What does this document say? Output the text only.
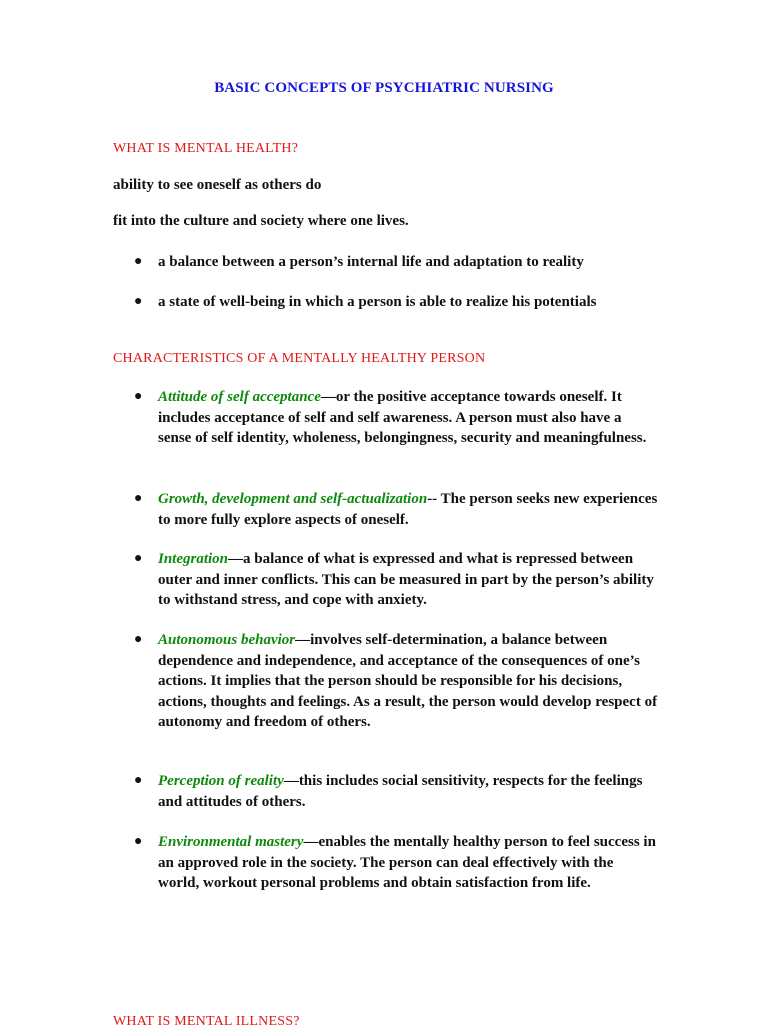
BASIC CONCEPTS OF PSYCHIATRIC NURSING
WHAT IS MENTAL HEALTH?
ability to see oneself as others do
fit into the culture and society where one lives.
● a balance between a person’s internal life and adaptation to reality
● a state of well-being in which a person is able to realize his potentials
CHARACTERISTICS OF A MENTALLY HEALTHY PERSON
● Attitude of self acceptance—or the positive acceptance towards oneself. It includes acceptance of self and self awareness. A person must also have a sense of self identity, wholeness, belongingness, security and meaningfulness.
● Growth, development and self-actualization-- The person seeks new experiences to more fully explore aspects of oneself.
● Integration—a balance of what is expressed and what is repressed between outer and inner conflicts. This can be measured in part by the person’s ability to withstand stress, and cope with anxiety.
● Autonomous behavior—involves self-determination, a balance between dependence and independence, and acceptance of the consequences of one’s actions. It implies that the person should be responsible for his decisions, actions, thoughts and feelings. As a result, the person would develop respect of autonomy and freedom of others.
● Perception of reality—this includes social sensitivity, respects for the feelings and attitudes of others.
● Environmental mastery—enables the mentally healthy person to feel success in an approved role in the society. The person can deal effectively with the world, workout personal problems and obtain satisfaction from life.
WHAT IS MENTAL ILLNESS?
